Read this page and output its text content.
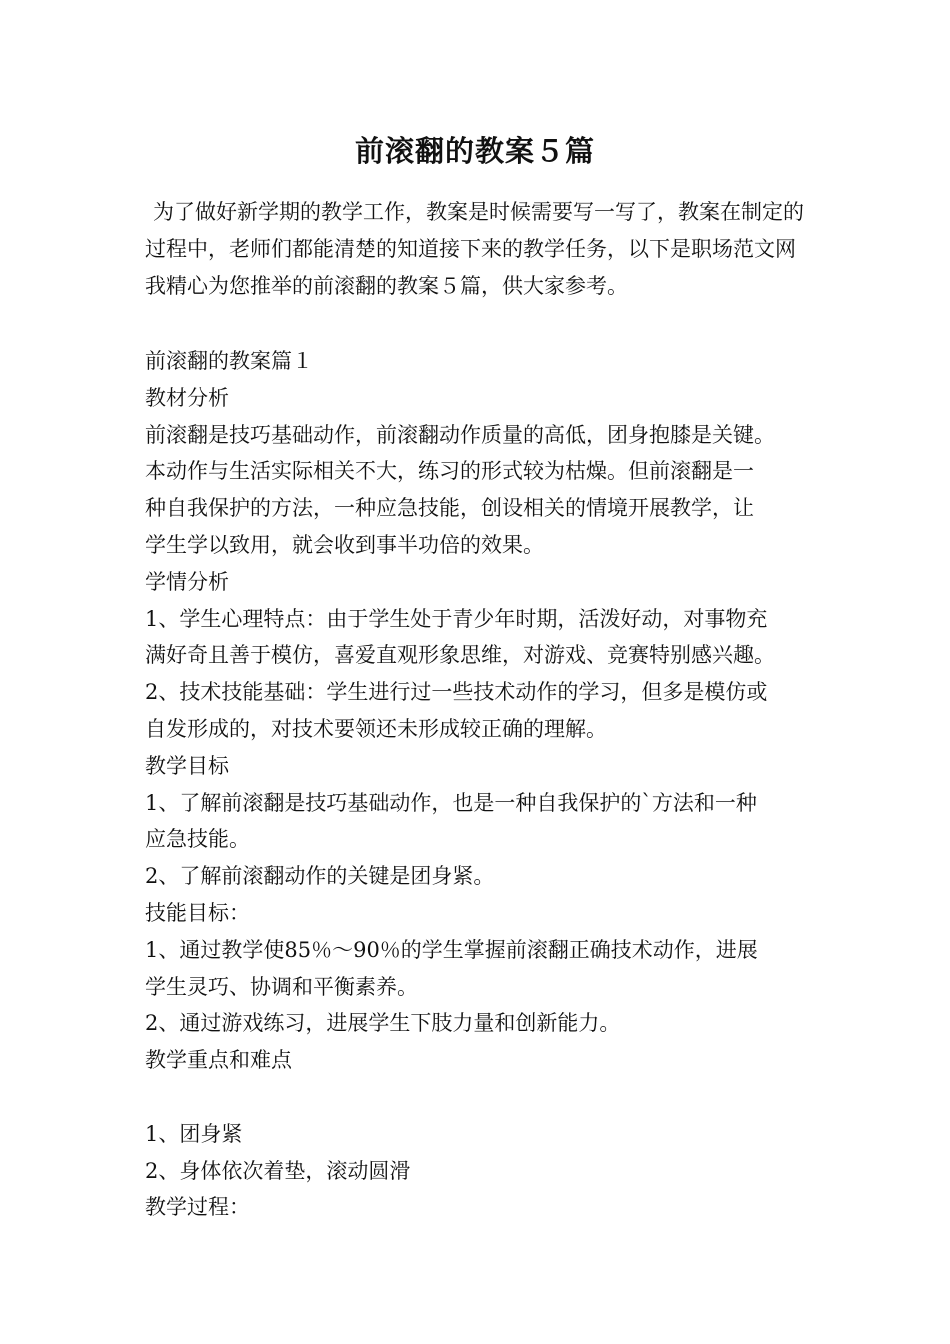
前滚翻的教案５篇

为了做好新学期的教学工作，教案是时候需要写一写了，教案在制定的过程中，老师们都能清楚的知道接下来的教学任务，以下是职场范文网我精心为您推举的前滚翻的教案５篇，供大家参考。

前滚翻的教案篇１
教材分析
前滚翻是技巧基础动作，前滚翻动作质量的高低，团身抱膝是关键。
本动作与生活实际相关不大，练习的形式较为枯燥。但前滚翻是一
种自我保护的方法，一种应急技能，创设相关的情境开展教学，让
学生学以致用，就会收到事半功倍的效果。
学情分析
1、学生心理特点：由于学生处于青少年时期，活泼好动，对事物充
满好奇且善于模仿，喜爱直观形象思维，对游戏、竞赛特别感兴趣。
2、技术技能基础：学生进行过一些技术动作的学习，但多是模仿或
自发形成的，对技术要领还未形成较正确的理解。
教学目标
1、了解前滚翻是技巧基础动作，也是一种自我保护的`方法和一种
应急技能。
2、了解前滚翻动作的关键是团身紧。
技能目标：
1、通过教学使85％～90％的学生掌握前滚翻正确技术动作，进展
学生灵巧、协调和平衡素养。
2、通过游戏练习，进展学生下肢力量和创新能力。
教学重点和难点
1、团身紧
2、身体依次着垫，滚动圆滑
教学过程：
